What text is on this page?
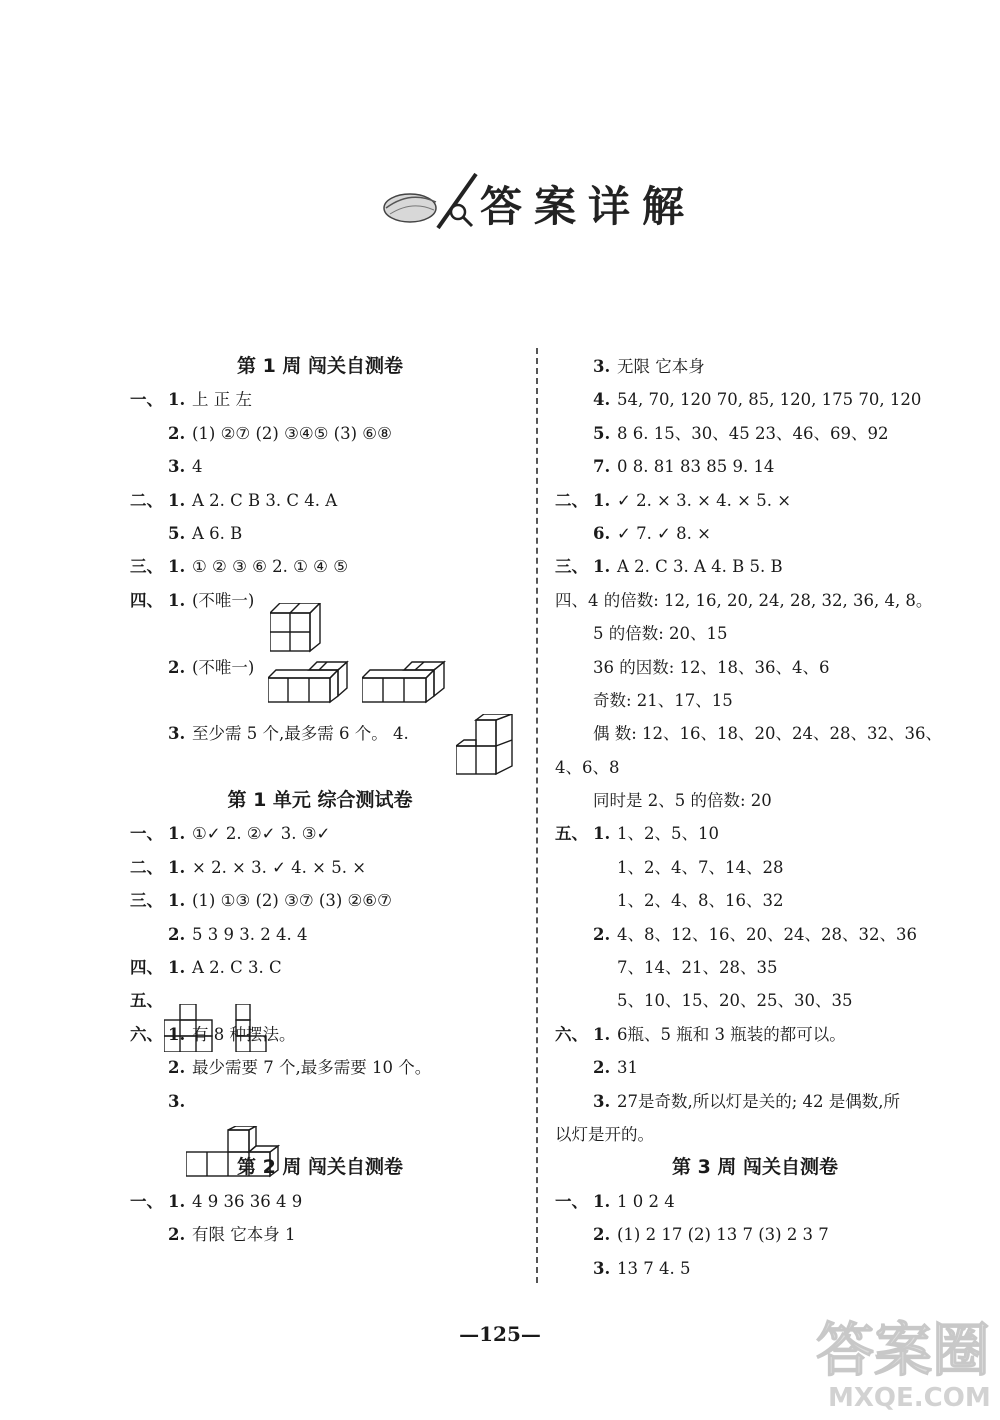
答案详解
第 1 周 闯关自测卷
一、 1. 上 正 左
2. (1) ②⑦ (2) ③④⑤ (3) ⑥⑧
3. 4
二、 1. A 2. C B 3. C 4. A
5. A 6. B
三、 1. ① ② ③ ⑥ 2. ① ④ ⑤
四、 1. (不唯一)
2. (不唯一)
3. 至少需 5 个,最多需 6 个。 4.
第 1 单元 综合测试卷
一、 1. ①✓ 2. ②✓ 3. ③✓
二、 1. × 2. × 3. ✓ 4. × 5. ×
三、 1. (1) ①③ (2) ③⑦ (3) ②⑥⑦
2. 5 3 9 3. 2 4. 4
四、 1. A 2. C 3. C
五、
六、 1. 有 8 种摆法。
2. 最少需要 7 个,最多需要 10 个。
3.
第 2 周 闯关自测卷
一、 1. 4 9 36 36 4 9
2. 有限 它本身 1
3. 无限 它本身
4. 54, 70, 120 70, 85, 120, 175 70, 120
5. 8 6. 15、30、45 23、46、69、92
7. 0 8. 81 83 85 9. 14
二、 1. ✓ 2. × 3. × 4. × 5. ×
6. ✓ 7. ✓ 8. ×
三、 1. A 2. C 3. A 4. B 5. B
四、4 的倍数: 12, 16, 20, 24, 28, 32, 36, 4, 8。
5 的倍数: 20、15
36 的因数: 12、18、36、4、6
奇数: 21、17、15
偶 数: 12、16、18、20、24、28、32、36、
4、6、8
同时是 2、5 的倍数: 20
五、 1. 1、2、5、10
1、2、4、7、14、28
1、2、4、8、16、32
2. 4、8、12、16、20、24、28、32、36
7、14、21、28、35
5、10、15、20、25、30、35
六、 1. 6瓶、5 瓶和 3 瓶装的都可以。
2. 31
3. 27是奇数,所以灯是关的; 42 是偶数,所
以灯是开的。
第 3 周 闯关自测卷
一、 1. 1 0 2 4
2. (1) 2 17 (2) 13 7 (3) 2 3 7
3. 13 7 4. 5
—125—	答案圈
MXQE.COM
